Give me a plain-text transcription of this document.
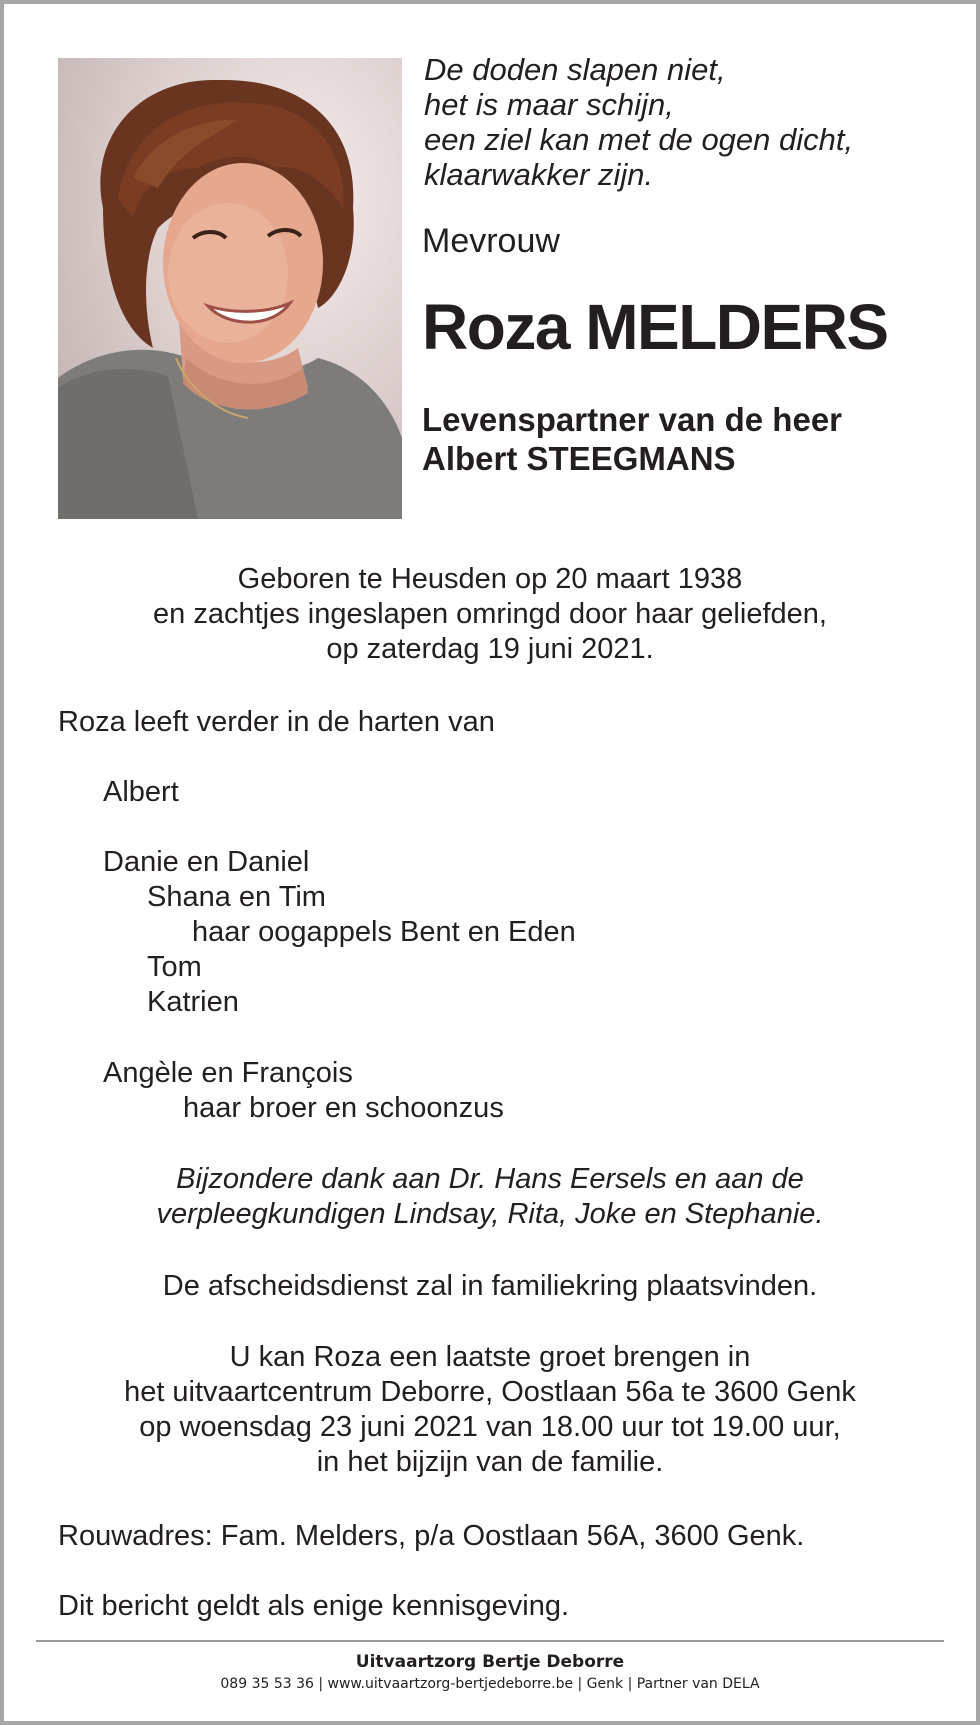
De doden slapen niet,
het is maar schijn,
een ziel kan met de ogen dicht,
klaarwakker zijn.
Mevrouw
Roza MELDERS
Levenspartner van de heer
Albert STEEGMANS
Geboren te Heusden op 20 maart 1938
en zachtjes ingeslapen omringd door haar geliefden,
op zaterdag 19 juni 2021.
Roza leeft verder in de harten van
Albert
Danie en Daniel
Shana en Tim
haar oogappels Bent en Eden
Tom
Katrien
Angèle en François
haar broer en schoonzus
Bijzondere dank aan Dr. Hans Eersels en aan de
verpleegkundigen Lindsay, Rita, Joke en Stephanie.
De afscheidsdienst zal in familiekring plaatsvinden.
U kan Roza een laatste groet brengen in
het uitvaartcentrum Deborre, Oostlaan 56a te 3600 Genk
op woensdag 23 juni 2021 van 18.00 uur tot 19.00 uur,
in het bijzijn van de familie.
Rouwadres: Fam. Melders, p/a Oostlaan 56A, 3600 Genk.
Dit bericht geldt als enige kennisgeving.
Uitvaartzorg Bertje Deborre
089 35 53 36 | www.uitvaartzorg-bertjedeborre.be | Genk | Partner van DELA
